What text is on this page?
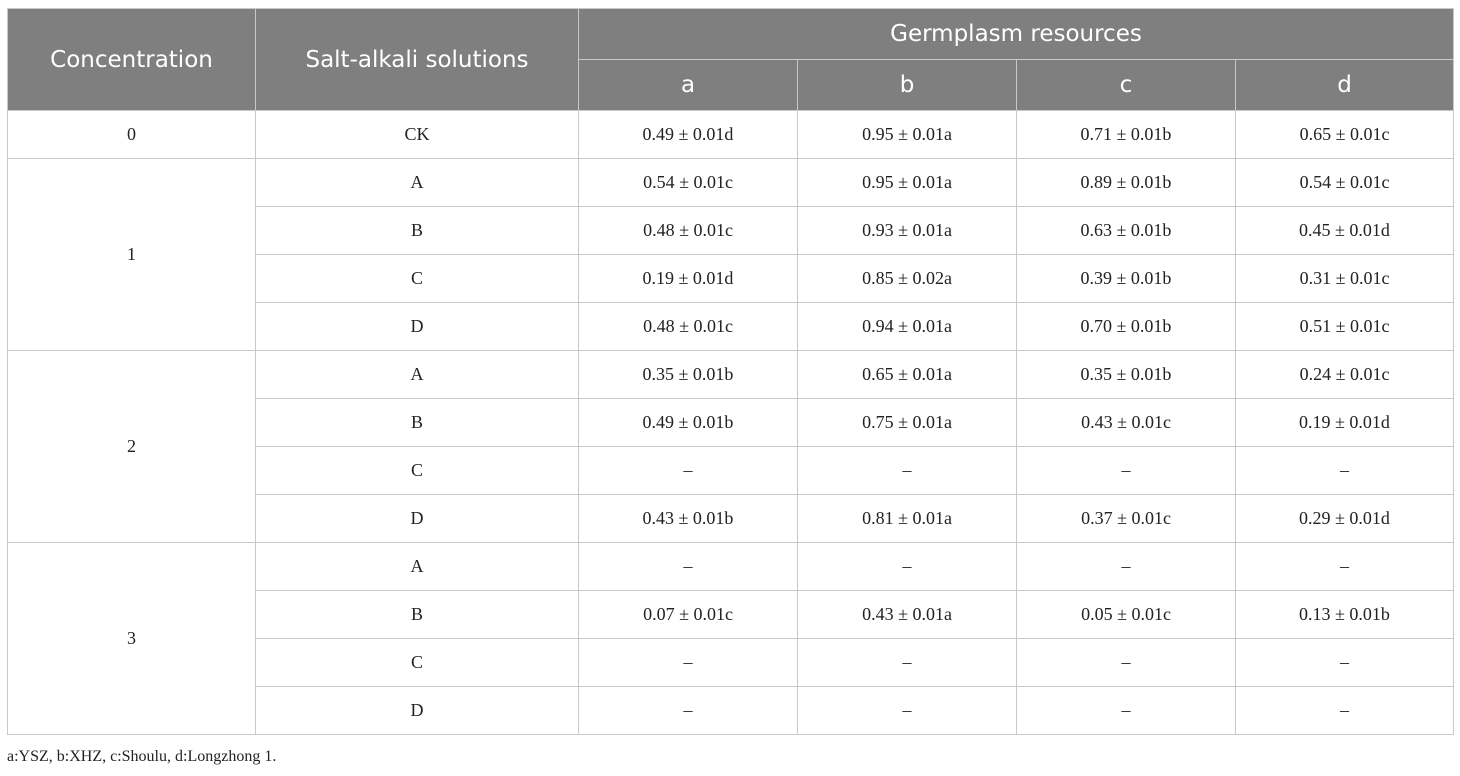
Concentration	Salt-alkali solutions	Germplasm resources			
		a	b	c	d
0	CK	0.49 ± 0.01d	0.95 ± 0.01a	0.71 ± 0.01b	0.65 ± 0.01c
1	A	0.54 ± 0.01c	0.95 ± 0.01a	0.89 ± 0.01b	0.54 ± 0.01c
	B	0.48 ± 0.01c	0.93 ± 0.01a	0.63 ± 0.01b	0.45 ± 0.01d
	C	0.19 ± 0.01d	0.85 ± 0.02a	0.39 ± 0.01b	0.31 ± 0.01c
	D	0.48 ± 0.01c	0.94 ± 0.01a	0.70 ± 0.01b	0.51 ± 0.01c
2	A	0.35 ± 0.01b	0.65 ± 0.01a	0.35 ± 0.01b	0.24 ± 0.01c
	B	0.49 ± 0.01b	0.75 ± 0.01a	0.43 ± 0.01c	0.19 ± 0.01d
	C	–	–	–	–
	D	0.43 ± 0.01b	0.81 ± 0.01a	0.37 ± 0.01c	0.29 ± 0.01d
3	A	–	–	–	–
	B	0.07 ± 0.01c	0.43 ± 0.01a	0.05 ± 0.01c	0.13 ± 0.01b
	C	–	–	–	–
	D	–	–	–	–
a:YSZ, b:XHZ, c:Shoulu, d:Longzhong 1.
